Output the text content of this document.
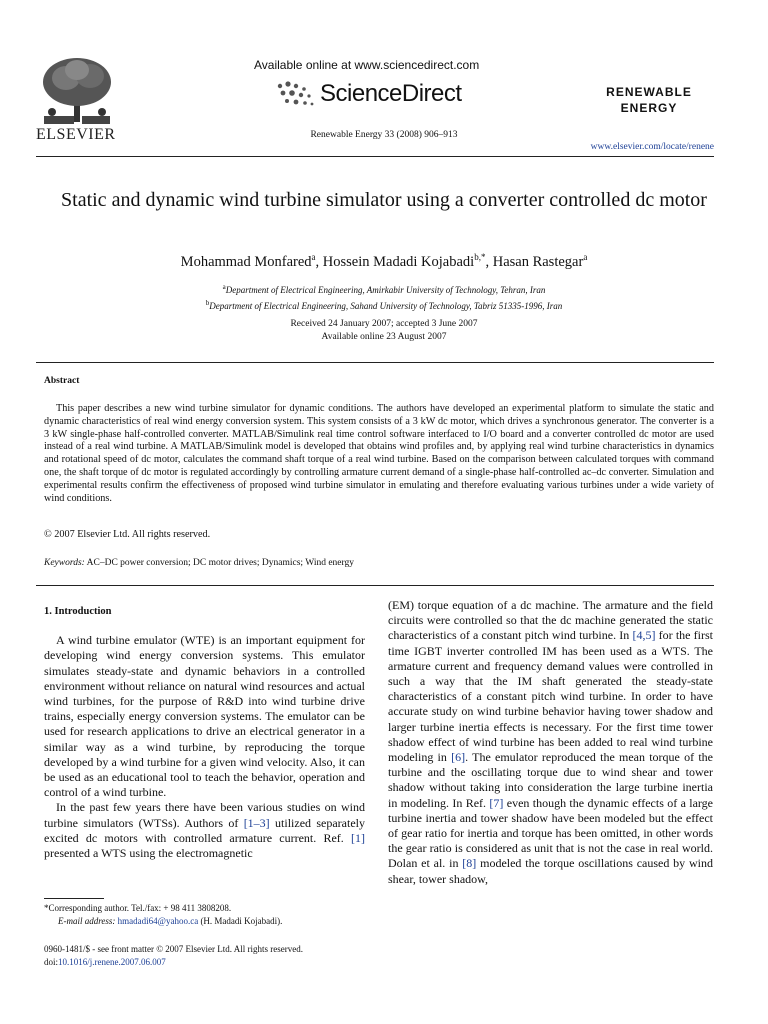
ELSEVIER
Available online at www.sciencedirect.com
ScienceDirect
Renewable Energy 33 (2008) 906–913
RENEWABLE
ENERGY
www.elsevier.com/locate/renene
Static and dynamic wind turbine simulator using a converter controlled dc motor
Mohammad Monfared$^a$, Hossein Madadi Kojabadi$^{b,*}$, Hasan Rastegar$^a$
$^a$Department of Electrical Engineering, Amirkabir University of Technology, Tehran, Iran
$^b$Department of Electrical Engineering, Sahand University of Technology, Tabriz 51335-1996, Iran
Received 24 January 2007; accepted 3 June 2007
Available online 23 August 2007
Abstract
This paper describes a new wind turbine simulator for dynamic conditions. The authors have developed an experimental platform to simulate the static and dynamic characteristics of real wind energy conversion system. This system consists of a 3 kW dc motor, which drives a synchronous generator. The converter is a 3 kW single-phase half-controlled converter. MATLAB/Simulink real time control software interfaced to I/O board and a converter controlled dc motor are used instead of a real wind turbine. A MATLAB/Simulink model is developed that obtains wind profiles and, by applying real wind turbine characteristics in dynamics and rotational speed of dc motor, calculates the command shaft torque of a real wind turbine. Based on the comparison between calculated torques with command one, the shaft torque of dc motor is regulated accordingly by controlling armature current demand of a single-phase half-controlled ac–dc converter. Simulation and experimental results confirm the effectiveness of proposed wind turbine simulator in emulating and therefore evaluating various turbines under a wide variety of wind conditions.
© 2007 Elsevier Ltd. All rights reserved.
Keywords: AC–DC power conversion; DC motor drives; Dynamics; Wind energy
1. Introduction
A wind turbine emulator (WTE) is an important equipment for developing wind energy conversion systems. This emulator simulates steady-state and dynamic behaviors in a controlled environment without reliance on natural wind resources and actual wind turbines, for the purpose of R&D into wind turbine drive trains, especially energy conversion systems. The emulator can be used for research applications to drive an electrical generator in a similar way as a wind turbine, by reproducing the torque developed by a wind turbine for a given wind velocity. Also, it can be used as an educational tool to teach the behavior, operation and control of a wind turbine.
In the past few years there have been various studies on wind turbine simulators (WTSs). Authors of [1–3] utilized separately excited dc motors with controlled armature current. Ref. [1] presented a WTS using the electromagnetic
(EM) torque equation of a dc machine. The armature and the field circuits were controlled so that the dc machine generated the static characteristics of a constant pitch wind turbine. In [4,5] for the first time IGBT inverter controlled IM has been used as a WTS. The armature current and frequency demand values were controlled in such a way that the IM shaft generated the steady-state characteristics of a constant pitch wind turbine. In order to have accurate study on wind turbine behavior having tower shadow and larger turbine inertia effects is necessary. For the first time tower shadow effect of wind turbine has been added to real wind turbine modeling in [6]. The emulator reproduced the mean torque of the turbine and the oscillating torque due to wind shear and tower shadow without taking into consideration the large turbine inertia in modeling. In Ref. [7] even though the dynamic effects of a large turbine inertia and tower shadow have been modeled but the effect of gear ratio for inertia and torque has been omitted, in other words the gear ratio is considered as unit that is not the case in real world. Dolan et al. in [8] modeled the torque oscillations caused by wind shear, tower shadow,
*Corresponding author. Tel./fax: + 98 411 3808208.
E-mail address: hmadadi64@yahoo.ca (H. Madadi Kojabadi).
0960-1481/$ - see front matter © 2007 Elsevier Ltd. All rights reserved.
doi:10.1016/j.renene.2007.06.007
